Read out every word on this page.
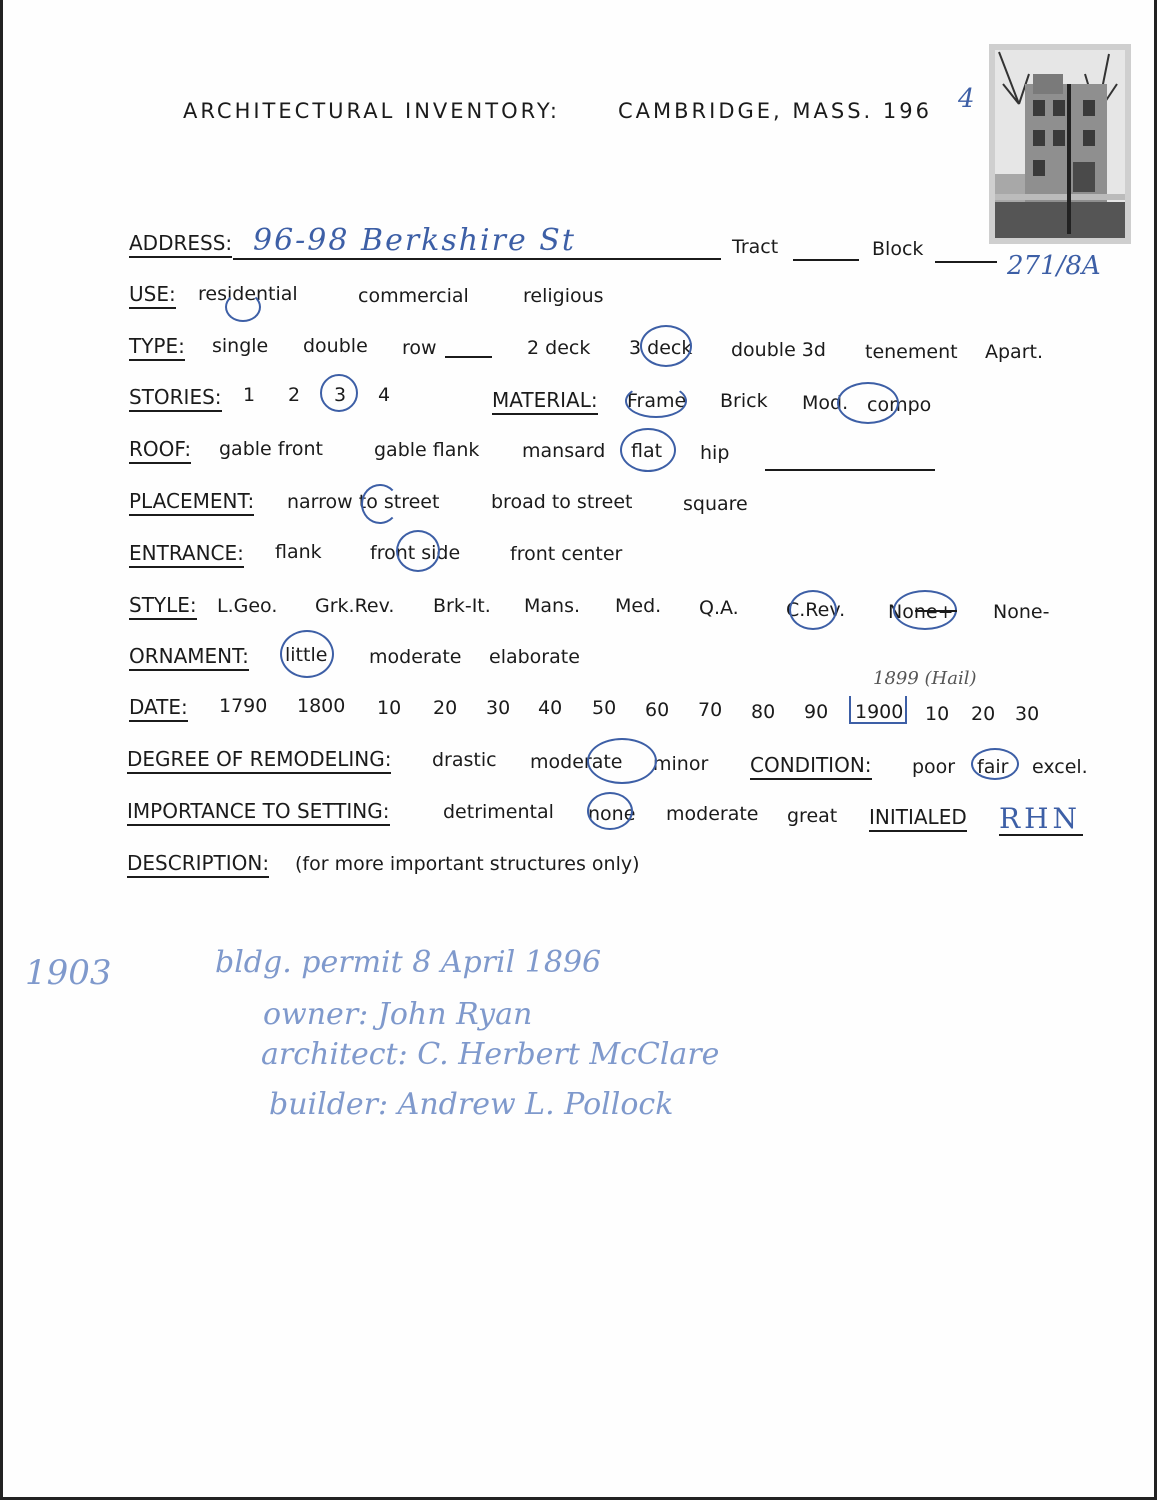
ARCHITECTURAL INVENTORY:	CAMBRIDGE, MASS. 196 4
ADDRESS: 96-98 Berkshire St	Tract	Block
271/8A
USE: residential	commercial	religious
TYPE: single double row	2 deck 3 deck double 3d tenement Apart.
STORIES: 1 2 3 4	MATERIAL: Frame Brick Mod. compo
ROOF: gable front	gable flank mansard flat hip
PLACEMENT: narrow to street	broad to street	square
ENTRANCE: flank	front side	front center
STYLE: L.Geo. Grk.Rev. Brk-It. Mans. Med. Q.A. C.Rev. None+ None-
ORNAMENT: little moderate elaborate
DATE: 1790 1800 10 20 30 40 50 60 70 80 90 1900 10 20 30
1899 (Hail)
DEGREE OF REMODELING: drastic moderate minor CONDITION: poor fair excel.
IMPORTANCE TO SETTING:	detrimental none moderate great INITIALED RHN
DESCRIPTION: (for more important structures only)
1903	bldg. permit 8 April 1896
owner: John Ryan
architect: C. Herbert McClare
builder: Andrew L. Pollock
